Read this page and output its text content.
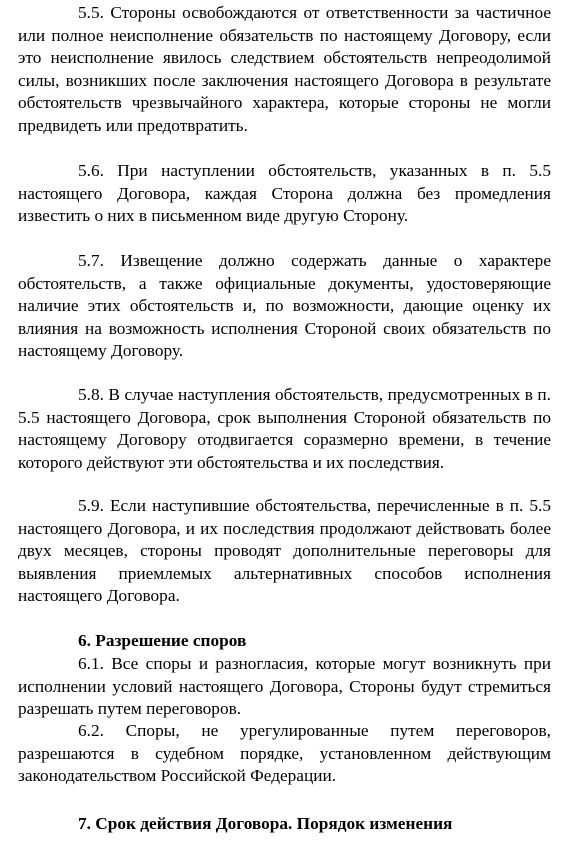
5.5. Стороны освобождаются от ответственности за частичное или полное неисполнение обязательств по настоящему Договору, если это неисполнение явилось следствием обстоятельств непреодолимой силы, возникших после заключения настоящего Договора в результате обстоятельств чрезвычайного характера, которые стороны не могли предвидеть или предотвратить.

5.6. При наступлении обстоятельств, указанных в п. 5.5 настоящего Договора, каждая Сторона должна без промедления известить о них в письменном виде другую Сторону.

5.7. Извещение должно содержать данные о характере обстоятельств, а также официальные документы, удостоверяющие наличие этих обстоятельств и, по возможности, дающие оценку их влияния на возможность исполнения Стороной своих обязательств по настоящему Договору.

5.8. В случае наступления обстоятельств, предусмотренных в п. 5.5 настоящего Договора, срок выполнения Стороной обязательств по настоящему Договору отодвигается соразмерно времени, в течение которого действуют эти обстоятельства и их последствия.

5.9. Если наступившие обстоятельства, перечисленные в п. 5.5 настоящего Договора, и их последствия продолжают действовать более двух месяцев, стороны проводят дополнительные переговоры для выявления приемлемых альтернативных способов исполнения настоящего Договора.

6. Разрешение споров

6.1. Все споры и разногласия, которые могут возникнуть при исполнении условий настоящего Договора, Стороны будут стремиться разрешать путем переговоров.

6.2. Споры, не урегулированные путем переговоров, разрешаются в судебном порядке, установленном действующим законодательством Российской Федерации.

7. Срок действия Договора. Порядок изменения
